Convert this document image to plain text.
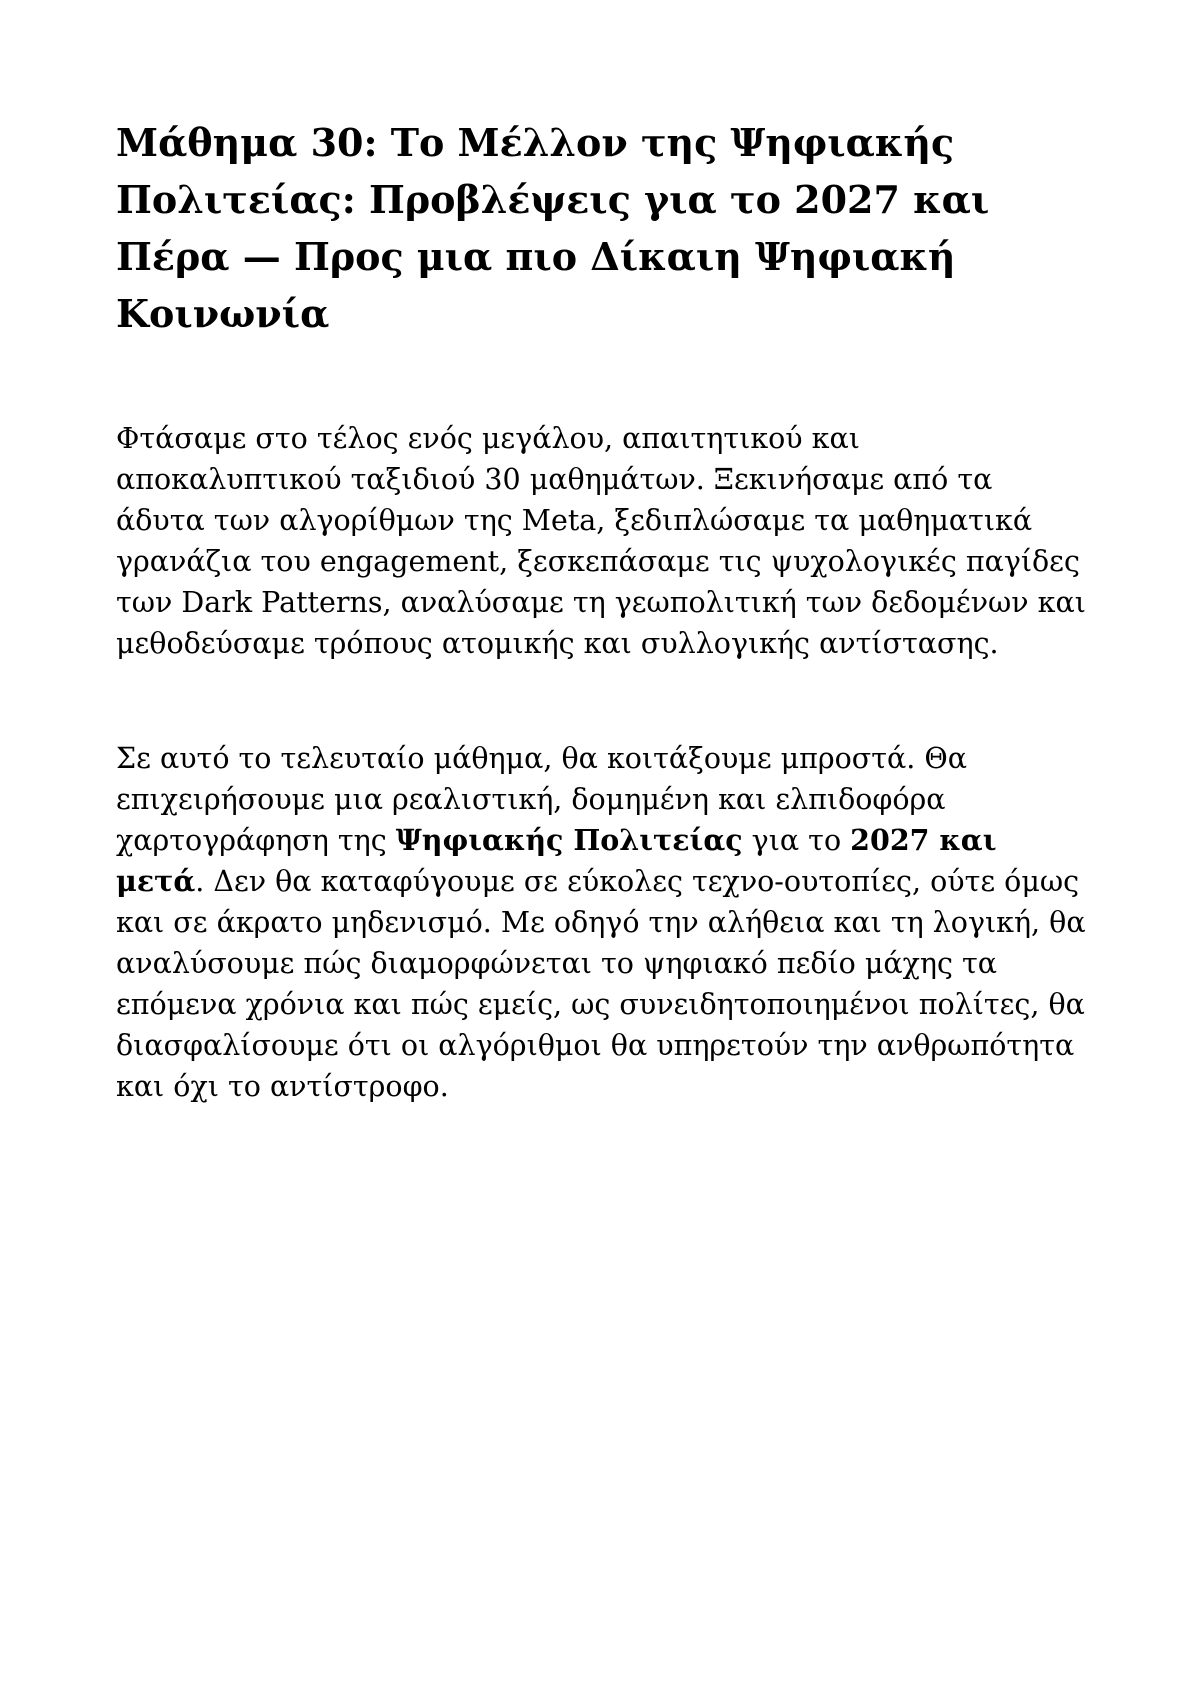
Μάθημα 30: Το Μέλλον της Ψηφιακής Πολιτείας: Προβλέψεις για το 2027 και Πέρα — Προς μια πιο Δίκαιη Ψηφιακή Κοινωνία

Φτάσαμε στο τέλος ενός μεγάλου, απαιτητικού και αποκαλυπτικού ταξιδιού 30 μαθημάτων. Ξεκινήσαμε από τα άδυτα των αλγορίθμων της Meta, ξεδιπλώσαμε τα μαθηματικά γρανάζια του engagement, ξεσκεπάσαμε τις ψυχολογικές παγίδες των Dark Patterns, αναλύσαμε τη γεωπολιτική των δεδομένων και μεθοδεύσαμε τρόπους ατομικής και συλλογικής αντίστασης.

Σε αυτό το τελευταίο μάθημα, θα κοιτάξουμε μπροστά. Θα επιχειρήσουμε μια ρεαλιστική, δομημένη και ελπιδοφόρα χαρτογράφηση της Ψηφιακής Πολιτείας για το 2027 και μετά. Δεν θα καταφύγουμε σε εύκολες τεχνο-ουτοπίες, ούτε όμως και σε άκρατο μηδενισμό. Με οδηγό την αλήθεια και τη λογική, θα αναλύσουμε πώς διαμορφώνεται το ψηφιακό πεδίο μάχης τα επόμενα χρόνια και πώς εμείς, ως συνειδητοποιημένοι πολίτες, θα διασφαλίσουμε ότι οι αλγόριθμοι θα υπηρετούν την ανθρωπότητα και όχι το αντίστροφο.
